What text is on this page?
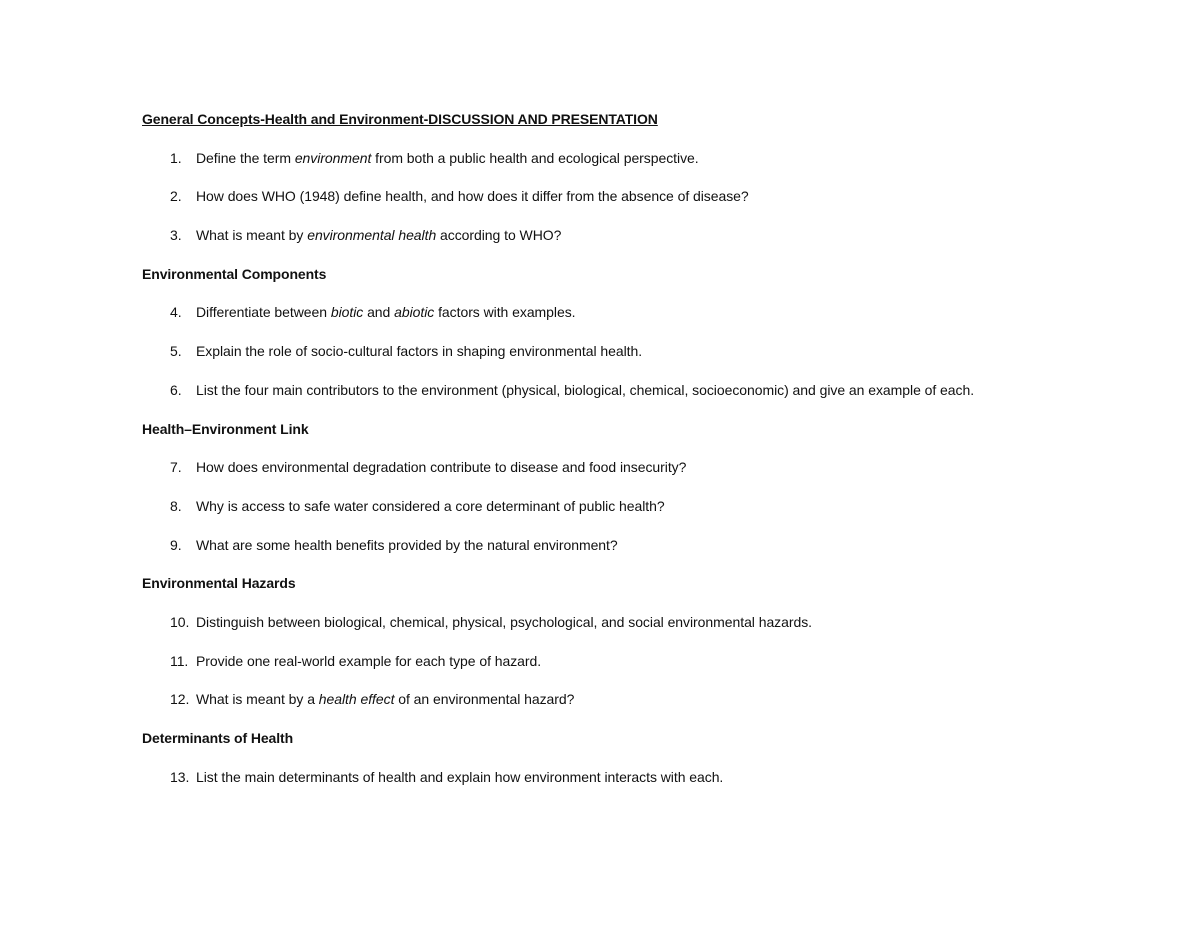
General Concepts-Health and Environment-DISCUSSION AND PRESENTATION
1. Define the term environment from both a public health and ecological perspective.
2. How does WHO (1948) define health, and how does it differ from the absence of disease?
3. What is meant by environmental health according to WHO?
Environmental Components
4. Differentiate between biotic and abiotic factors with examples.
5. Explain the role of socio-cultural factors in shaping environmental health.
6. List the four main contributors to the environment (physical, biological, chemical, socioeconomic) and give an example of each.
Health–Environment Link
7. How does environmental degradation contribute to disease and food insecurity?
8. Why is access to safe water considered a core determinant of public health?
9. What are some health benefits provided by the natural environment?
Environmental Hazards
10. Distinguish between biological, chemical, physical, psychological, and social environmental hazards.
11. Provide one real-world example for each type of hazard.
12. What is meant by a health effect of an environmental hazard?
Determinants of Health
13. List the main determinants of health and explain how environment interacts with each.
